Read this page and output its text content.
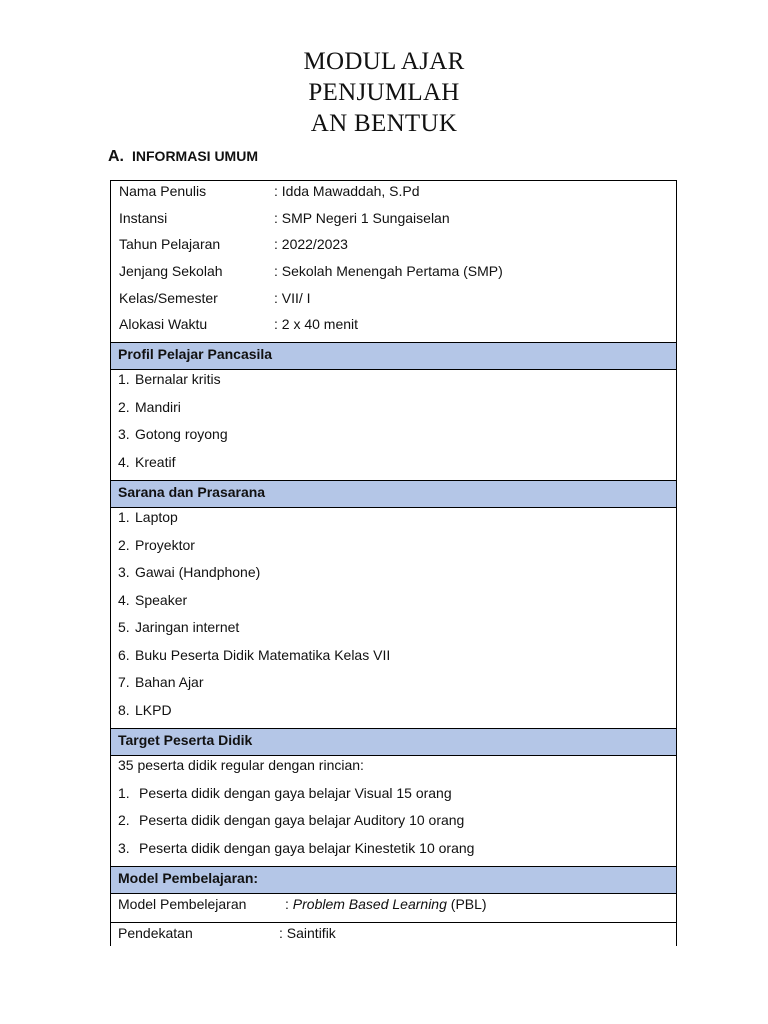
MODUL AJAR
PENJUMLAH
AN BENTUK
A. INFORMASI UMUM
Nama Penulis	: Idda Mawaddah, S.Pd
Instansi	: SMP Negeri 1 Sungaiselan
Tahun Pelajaran	: 2022/2023
Jenjang Sekolah	: Sekolah Menengah Pertama (SMP)
Kelas/Semester	: VII/ I
Alokasi Waktu	: 2 x 40 menit

Profil Pelajar Pancasila

1. Bernalar kritis
2. Mandiri
3. Gotong royong
4. Kreatif

Sarana dan Prasarana

1. Laptop
2. Proyektor
3. Gawai (Handphone)
4. Speaker
5. Jaringan internet
6. Buku Peserta Didik Matematika Kelas VII
7. Bahan Ajar
8. LKPD

Target Peserta Didik

35 peserta didik regular dengan rincian:
1. Peserta didik dengan gaya belajar Visual 15 orang
2. Peserta didik dengan gaya belajar Auditory 10 orang
3. Peserta didik dengan gaya belajar Kinestetik 10 orang

Model Pembelajaran:

Model Pembelejaran	: Problem Based Learning (PBL)

Pendekatan	: Saintifik
